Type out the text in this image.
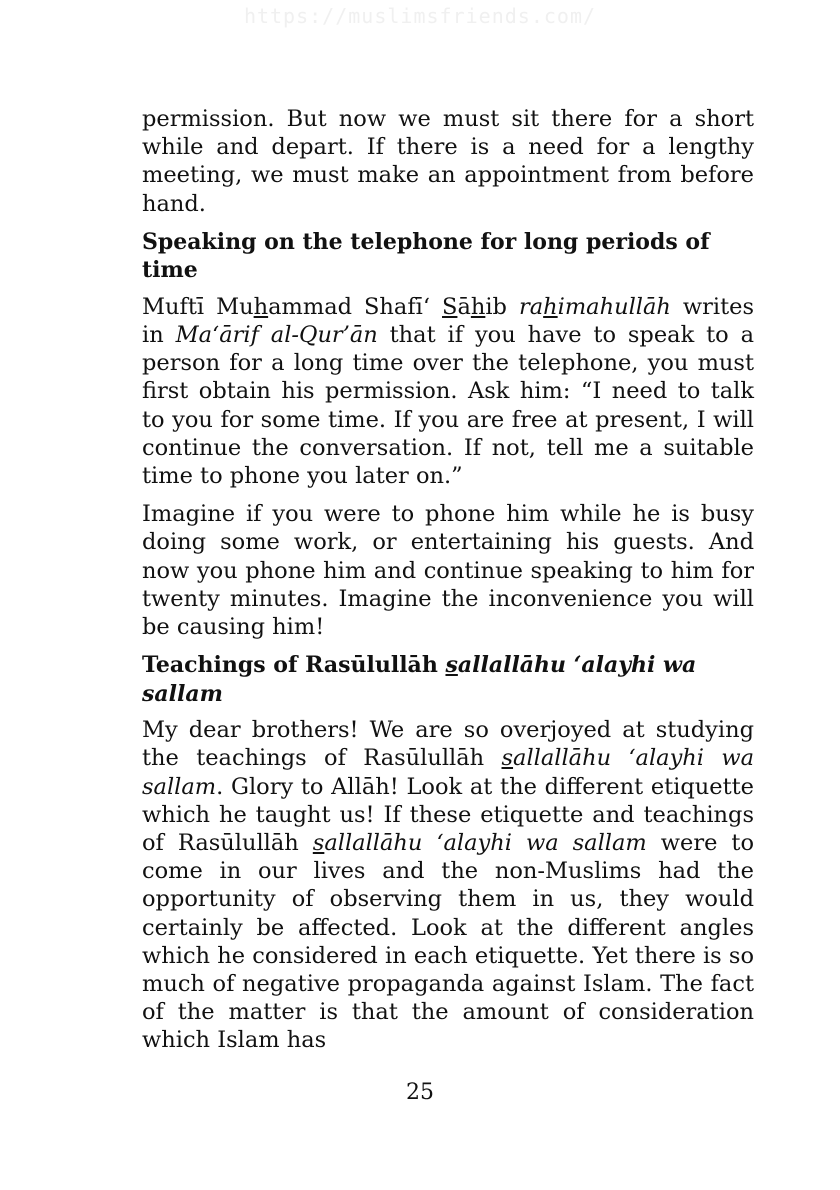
https://muslimsfriends.com/

permission. But now we must sit there for a short while and depart. If there is a need for a lengthy meeting, we must make an appointment from before hand.

Speaking on the telephone for long periods of time

Muftī Muhammad Shafī‘ Sāhib rahimahullāh writes in Ma‘ārif al-Qur’ān that if you have to speak to a person for a long time over the telephone, you must first obtain his permission. Ask him: “I need to talk to you for some time. If you are free at present, I will continue the conversation. If not, tell me a suitable time to phone you later on.”

Imagine if you were to phone him while he is busy doing some work, or entertaining his guests. And now you phone him and continue speaking to him for twenty minutes. Imagine the inconvenience you will be causing him!

Teachings of Rasūlullāh sallallāhu ‘alayhi wa sallam

My dear brothers! We are so overjoyed at studying the teachings of Rasūlullāh sallallāhu ‘alayhi wa sallam. Glory to Allāh! Look at the different etiquette which he taught us! If these etiquette and teachings of Rasūlullāh sallallāhu ‘alayhi wa sallam were to come in our lives and the non-Muslims had the opportunity of observing them in us, they would certainly be affected. Look at the different angles which he considered in each etiquette. Yet there is so much of negative propaganda against Islam. The fact of the matter is that the amount of consideration which Islam has

25
